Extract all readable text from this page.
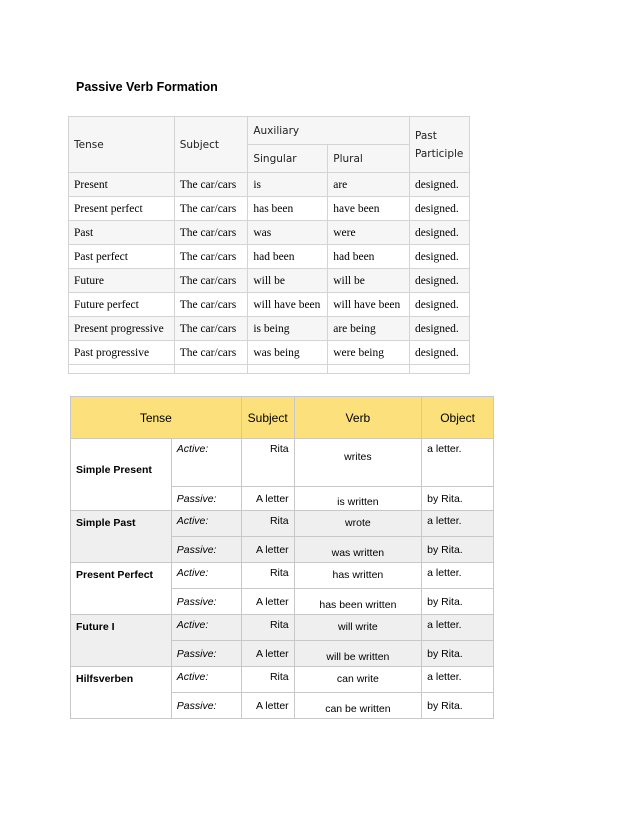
Passive Verb Formation
Tense	Subject	Auxiliary		Past Participle
		Singular	Plural	
Present	The car/cars	is	are	designed.
Present perfect	The car/cars	has been	have been	designed.
Past	The car/cars	was	were	designed.
Past perfect	The car/cars	had been	had been	designed.
Future	The car/cars	will be	will be	designed.
Future perfect	The car/cars	will have been	will have been	designed.
Present progressive	The car/cars	is being	are being	designed.
Past progressive	The car/cars	was being	were being	designed.

Tense		Subject	Verb	Object
Simple Present	Active:	Rita	writes	a letter.
	Passive:	A letter	is written	by Rita.
Simple Past	Active:	Rita	wrote	a letter.
	Passive:	A letter	was written	by Rita.
Present Perfect	Active:	Rita	has written	a letter.
	Passive:	A letter	has been written	by Rita.
Future I	Active:	Rita	will write	a letter.
	Passive:	A letter	will be written	by Rita.
Hilfsverben	Active:	Rita	can write	a letter.
	Passive:	A letter	can be written	by Rita.
